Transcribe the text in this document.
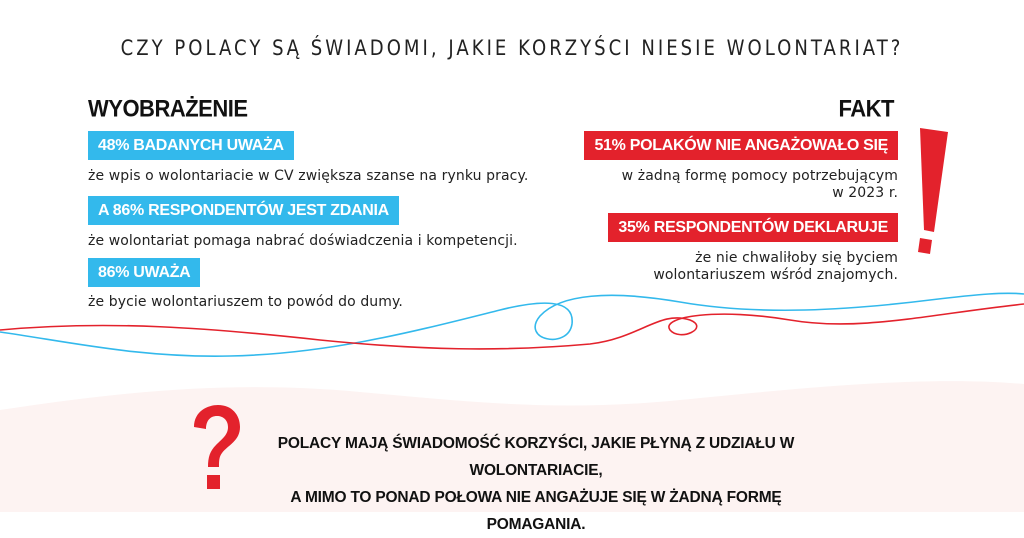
CZY POLACY SĄ ŚWIADOMI, JAKIE KORZYŚCI NIESIE WOLONTARIAT?
WYOBRAŻENIE	FAKT
48% BADANYCH UWAŻA
że wpis o wolontariacie w CV zwiększa szanse na rynku pracy.
A 86% RESPONDENTÓW JEST ZDANIA
że wolontariat pomaga nabrać doświadczenia i kompetencji.
86% UWAŻA
że bycie wolontariuszem to powód do dumy.
51% POLAKÓW NIE ANGAŻOWAŁO SIĘ
w żadną formę pomocy potrzebującym
w 2023 r.
35% RESPONDENTÓW DEKLARUJE
że nie chwaliłoby się byciem
wolontariuszem wśród znajomych.
POLACY MAJĄ ŚWIADOMOŚĆ KORZYŚCI, JAKIE PŁYNĄ Z UDZIAŁU W WOLONTARIACIE,
A MIMO TO PONAD POŁOWA NIE ANGAŻUJE SIĘ W ŻADNĄ FORMĘ POMAGANIA.
